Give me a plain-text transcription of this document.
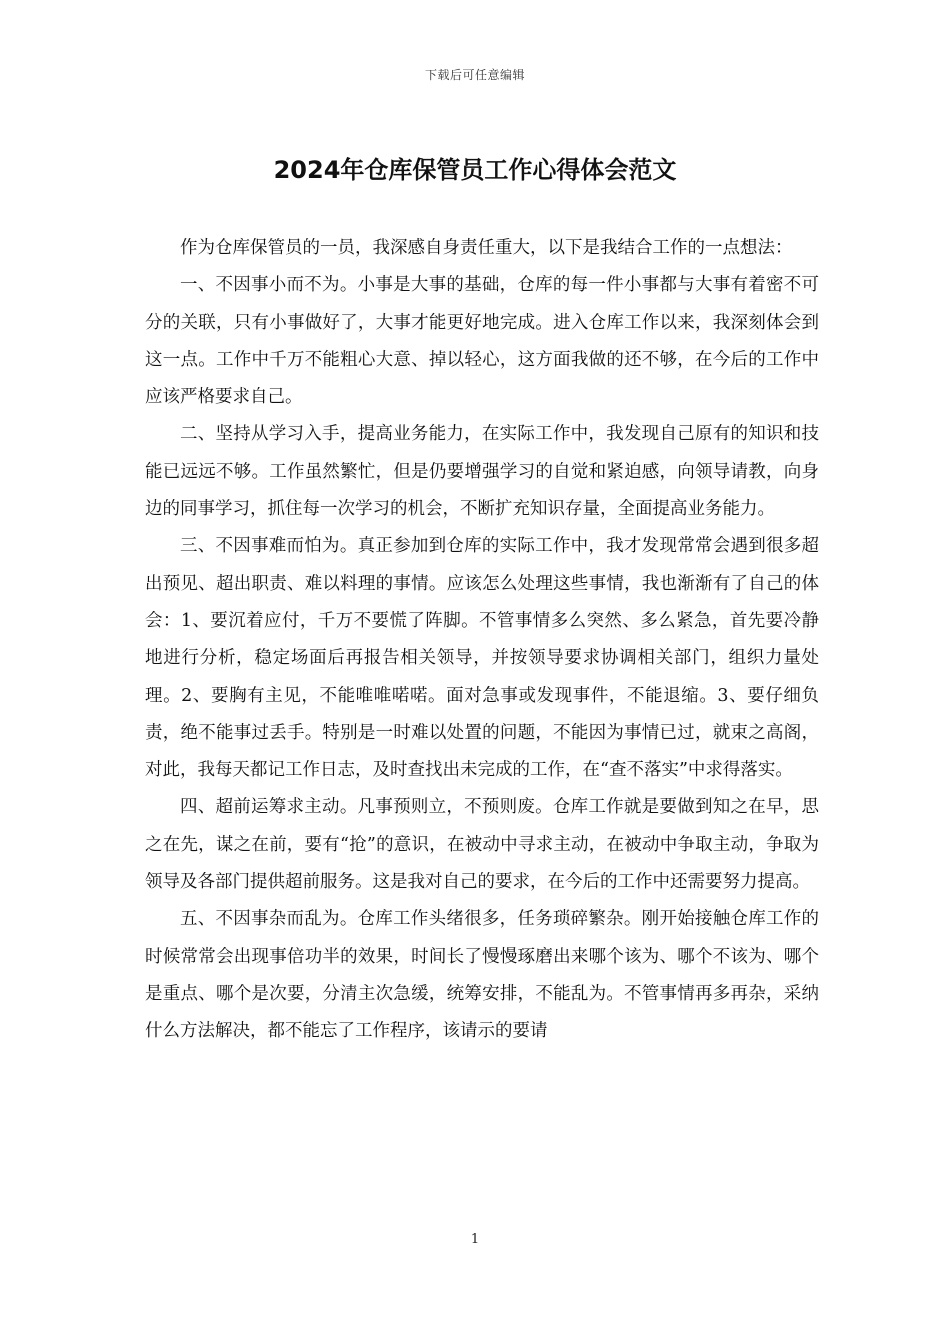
下载后可任意编辑
2024年仓库保管员工作心得体会范文

作为仓库保管员的一员，我深感自身责任重大，以下是我结合工作的一点想法：

一、不因事小而不为。小事是大事的基础，仓库的每一件小事都与大事有着密不可分的关联，只有小事做好了，大事才能更好地完成。进入仓库工作以来，我深刻体会到这一点。工作中千万不能粗心大意、掉以轻心，这方面我做的还不够，在今后的工作中应该严格要求自己。

二、坚持从学习入手，提高业务能力，在实际工作中，我发现自己原有的知识和技能已远远不够。工作虽然繁忙，但是仍要增强学习的自觉和紧迫感，向领导请教，向身边的同事学习，抓住每一次学习的机会，不断扩充知识存量，全面提高业务能力。

三、不因事难而怕为。真正参加到仓库的实际工作中，我才发现常常会遇到很多超出预见、超出职责、难以料理的事情。应该怎么处理这些事情，我也渐渐有了自己的体会：1、要沉着应付，千万不要慌了阵脚。不管事情多么突然、多么紧急，首先要冷静地进行分析，稳定场面后再报告相关领导，并按领导要求协调相关部门，组织力量处理。2、要胸有主见，不能唯唯喏喏。面对急事或发现事件，不能退缩。3、要仔细负责，绝不能事过丢手。特别是一时难以处置的问题，不能因为事情已过，就束之高阁，对此，我每天都记工作日志，及时查找出未完成的工作，在“查不落实”中求得落实。

四、超前运筹求主动。凡事预则立，不预则废。仓库工作就是要做到知之在早，思之在先，谋之在前，要有“抢”的意识，在被动中寻求主动，在被动中争取主动，争取为领导及各部门提供超前服务。这是我对自己的要求，在今后的工作中还需要努力提高。

五、不因事杂而乱为。仓库工作头绪很多，任务琐碎繁杂。刚开始接触仓库工作的时候常常会出现事倍功半的效果，时间长了慢慢琢磨出来哪个该为、哪个不该为、哪个是重点、哪个是次要，分清主次急缓，统筹安排，不能乱为。不管事情再多再杂，采纳什么方法解决，都不能忘了工作程序，该请示的要请

1
